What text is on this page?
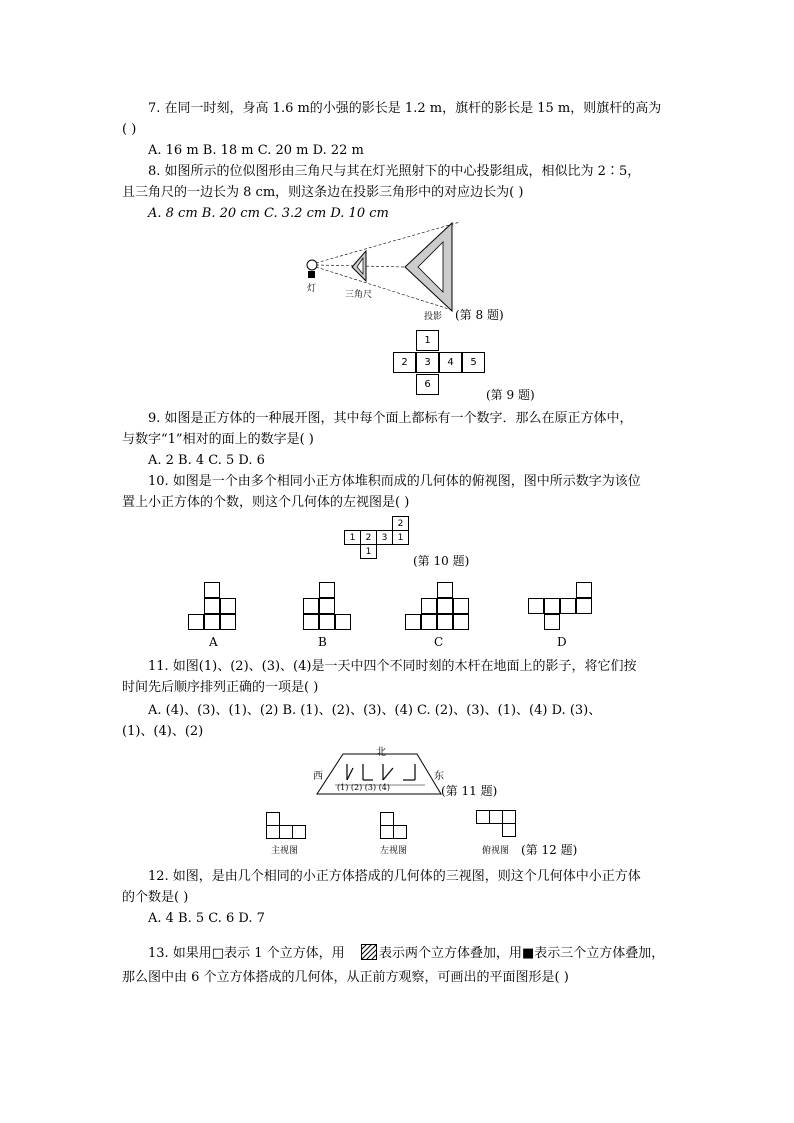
7. 在同一时刻，身高 1.6 m的小强的影长是 1.2 m，旗杆的影长是 15 m，则旗杆的高为
( )
A. 16 m B. 18 m C. 20 m D. 22 m
8. 如图所示的位似图形由三角尺与其在灯光照射下的中心投影组成，相似比为 2∶5，
且三角尺的一边长为 8 cm，则这条边在投影三角形中的对应边长为( )
A. 8 cm B. 20 cm C. 3.2 cm D. 10 cm
灯
三角尺
投影 (第 8 题)
1
2	3	4	5
6
(第 9 题)
9. 如图是正方体的一种展开图，其中每个面上都标有一个数字．那么在原正方体中，
与数字“1”相对的面上的数字是( )
A. 2 B. 4 C. 5 D. 6
10. 如图是一个由多个相同小正方体堆积而成的几何体的俯视图，图中所示数字为该位
置上小正方体的个数，则这个几何体的左视图是( )
2
1	2	3	1
1
(第 10 题)
A	B	C	D
11. 如图(1)、(2)、(3)、(4)是一天中四个不同时刻的木杆在地面上的影子，将它们按
时间先后顺序排列正确的一项是( )
A. (4)、(3)、(1)、(2) B. (1)、(2)、(3)、(4) C. (2)、(3)、(1)、(4) D. (3)、
(1)、(4)、(2)
北
西	东
(1) (2) (3) (4)	(第 11 题)
主视图	左视图	俯视图 (第 12 题)
12. 如图，是由几个相同的小正方体搭成的几何体的三视图，则这个几何体中小正方体
的个数是( )
A. 4 B. 5 C. 6 D. 7
13. 如果用□表示 1 个立方体，用	表示两个立方体叠加，用■表示三个立方体叠加，
那么图中由 6 个立方体搭成的几何体，从正前方观察，可画出的平面图形是( )
